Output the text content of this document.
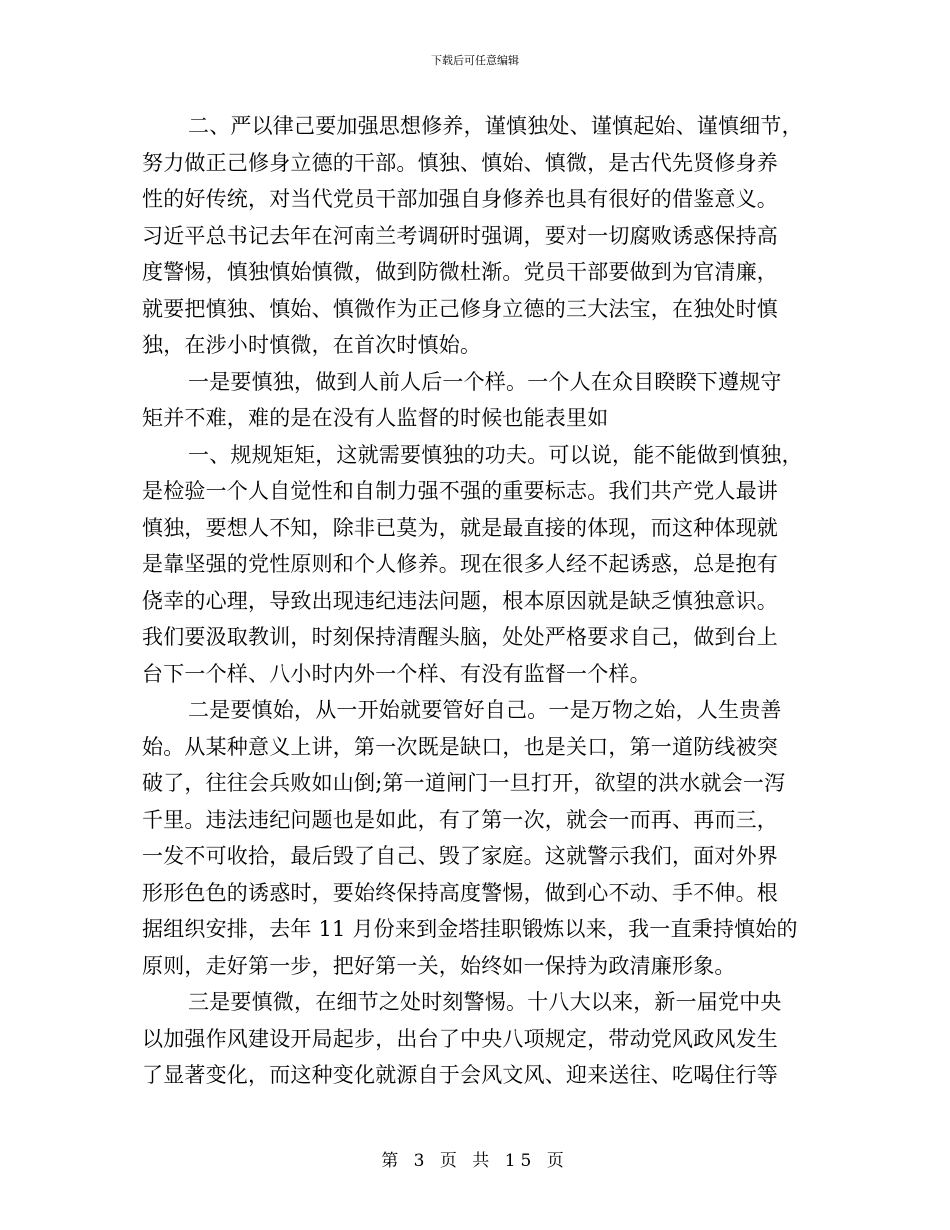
下载后可任意编辑
二、严以律己要加强思想修养，谨慎独处、谨慎起始、谨慎细节，
努力做正己修身立德的干部。慎独、慎始、慎微，是古代先贤修身养
性的好传统，对当代党员干部加强自身修养也具有很好的借鉴意义。
习近平总书记去年在河南兰考调研时强调，要对一切腐败诱惑保持高
度警惕，慎独慎始慎微，做到防微杜渐。党员干部要做到为官清廉，
就要把慎独、慎始、慎微作为正己修身立德的三大法宝，在独处时慎
独，在涉小时慎微，在首次时慎始。
一是要慎独，做到人前人后一个样。一个人在众目睽睽下遵规守
矩并不难，难的是在没有人监督的时候也能表里如
一、规规矩矩，这就需要慎独的功夫。可以说，能不能做到慎独，
是检验一个人自觉性和自制力强不强的重要标志。我们共产党人最讲
慎独，要想人不知，除非已莫为，就是最直接的体现，而这种体现就
是靠坚强的党性原则和个人修养。现在很多人经不起诱惑，总是抱有
侥幸的心理，导致出现违纪违法问题，根本原因就是缺乏慎独意识。
我们要汲取教训，时刻保持清醒头脑，处处严格要求自己，做到台上
台下一个样、八小时内外一个样、有没有监督一个样。
二是要慎始，从一开始就要管好自己。一是万物之始，人生贵善
始。从某种意义上讲，第一次既是缺口，也是关口，第一道防线被突
破了，往往会兵败如山倒;第一道闸门一旦打开，欲望的洪水就会一泻
千里。违法违纪问题也是如此，有了第一次，就会一而再、再而三，
一发不可收拾，最后毁了自己、毁了家庭。这就警示我们，面对外界
形形色色的诱惑时，要始终保持高度警惕，做到心不动、手不伸。根
据组织安排，去年 11 月份来到金塔挂职锻炼以来，我一直秉持慎始的
原则，走好第一步，把好第一关，始终如一保持为政清廉形象。
三是要慎微，在细节之处时刻警惕。十八大以来，新一届党中央
以加强作风建设开局起步，出台了中央八项规定，带动党风政风发生
了显著变化，而这种变化就源自于会风文风、迎来送往、吃喝住行等
第 3 页 共 15 页
